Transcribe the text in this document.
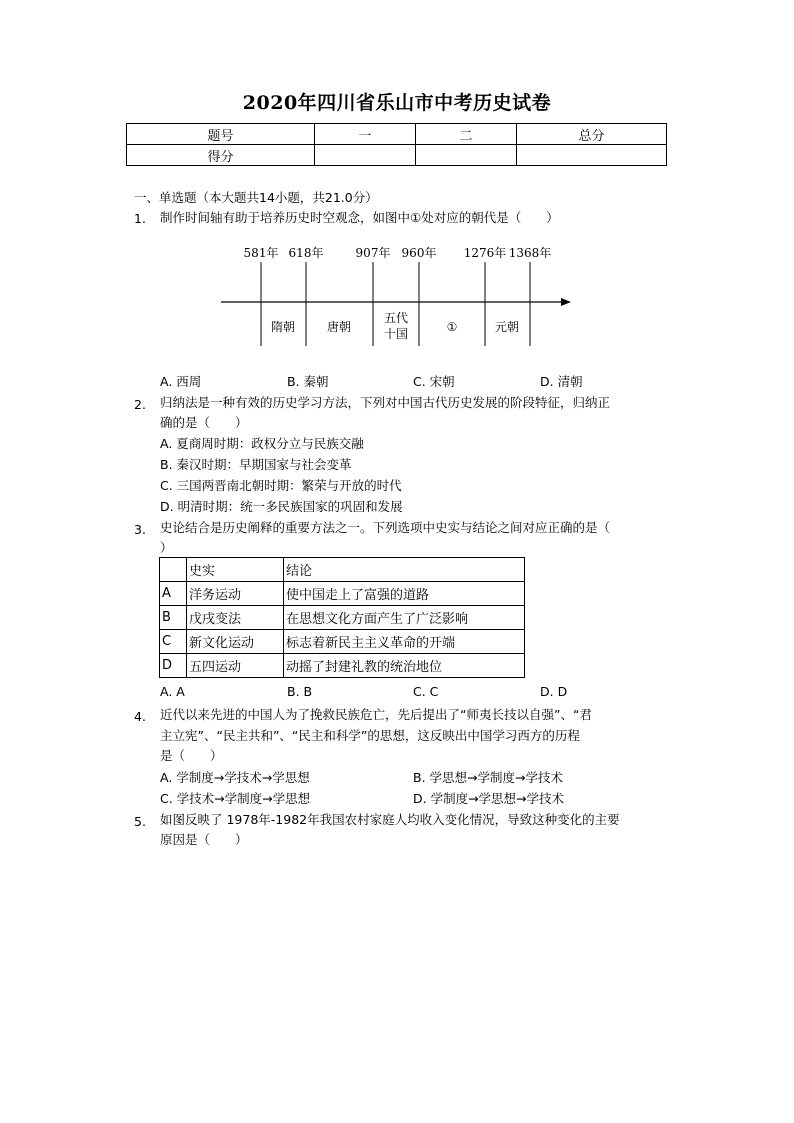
2020年四川省乐山市中考历史试卷
题号	一	二	总分
得分			
一、单选题（本大题共14小题，共21.0分）
1. 制作时间轴有助于培养历史时空观念，如图中①处对应的朝代是（　　）
581年 618年	907年 960年 1276年 1368年
隋朝	唐朝
五代
十国	①	元朝
A. 西周	B. 秦朝	C. 宋朝	D. 清朝
2. 归纳法是一种有效的历史学习方法，下列对中国古代历史发展的阶段特征，归纳正
确的是（　　）
A. 夏商周时期：政权分立与民族交融
B. 秦汉时期：早期国家与社会变革
C. 三国两晋南北朝时期：繁荣与开放的时代
D. 明清时期：统一多民族国家的巩固和发展
3. 史论结合是历史阐释的重要方法之一。下列选项中史实与结论之间对应正确的是（
）
	史实	结论
A	洋务运动	使中国走上了富强的道路
B	戊戌变法	在思想文化方面产生了广泛影响
C	新文化运动	标志着新民主主义革命的开端
D	五四运动	动摇了封建礼教的统治地位
A. A	B. B	C. C	D. D
4. 近代以来先进的中国人为了挽救民族危亡，先后提出了“师夷长技以自强”、“君
主立宪”、“民主共和”、“民主和科学”的思想，这反映出中国学习西方的历程
是（　　）
A. 学制度→学技术→学思想	B. 学思想→学制度→学技术
C. 学技术→学制度→学思想	D. 学制度→学思想→学技术
5. 如图反映了 1978年-1982年我国农村家庭人均收入变化情况，导致这种变化的主要
原因是（　　）
